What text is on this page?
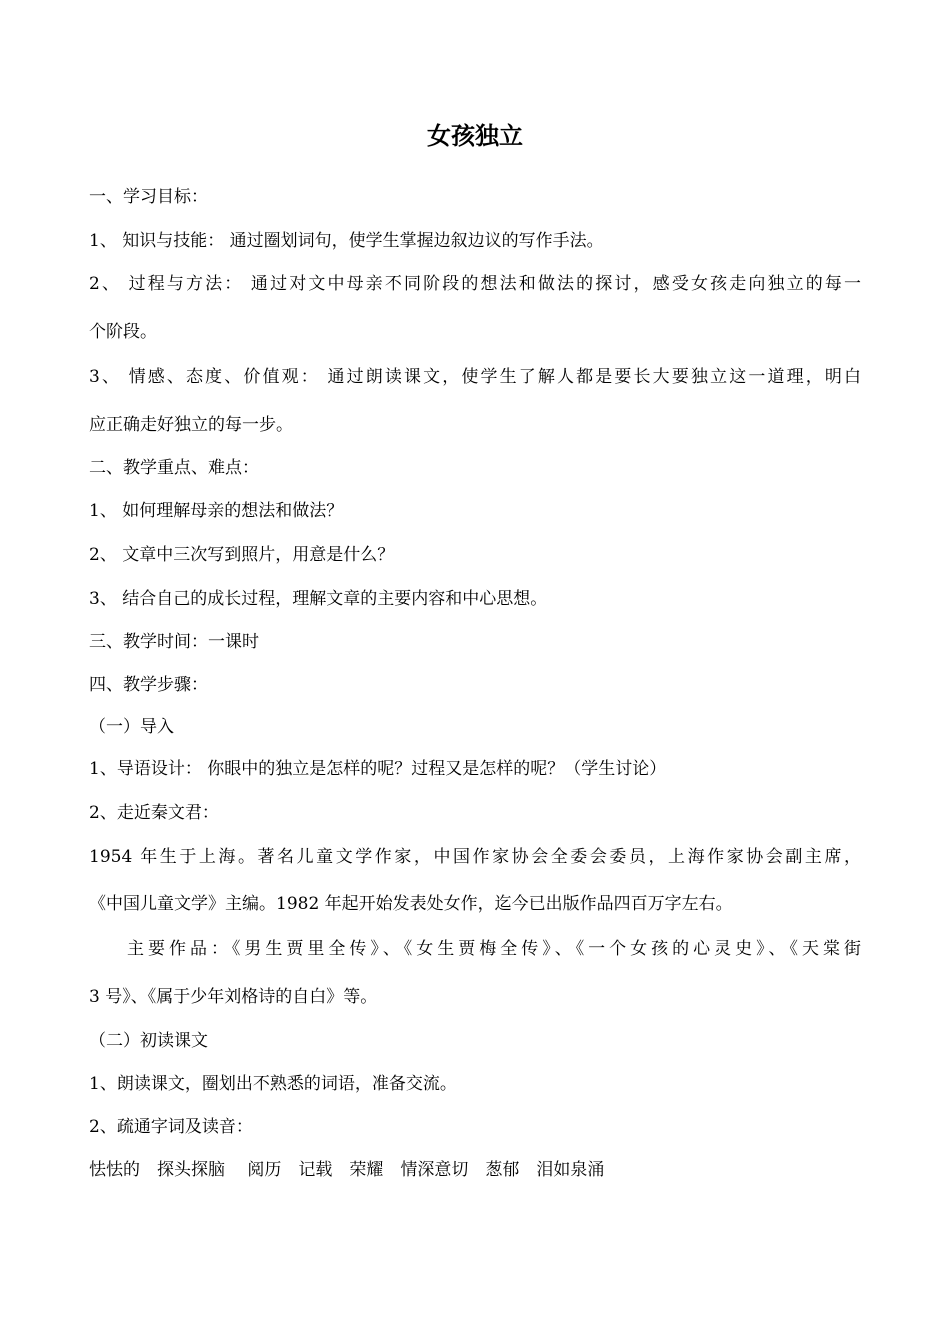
女孩独立
一、学习目标：
1、 知识与技能： 通过圈划词句，使学生掌握边叙边议的写作手法。
2、 过程与方法： 通过对文中母亲不同阶段的想法和做法的探讨，感受女孩走向独立的每一
个阶段。
3、 情感、态度、价值观： 通过朗读课文，使学生了解人都是要长大要独立这一道理，明白
应正确走好独立的每一步。
二、教学重点、难点：
1、 如何理解母亲的想法和做法？
2、 文章中三次写到照片，用意是什么？
3、 结合自己的成长过程，理解文章的主要内容和中心思想。
三、教学时间：一课时
四、教学步骤：
（一）导入
1、导语设计： 你眼中的独立是怎样的呢？过程又是怎样的呢？（学生讨论）
2、走近秦文君：
1954 年生于上海。著名儿童文学作家，中国作家协会全委会委员，上海作家协会副主席，
《中国儿童文学》主编。1982 年起开始发表处女作，迄今已出版作品四百万字左右。
主要作品：《男生贾里全传》、《女生贾梅全传》、《一个女孩的心灵史》、《天棠街
3 号》、《属于少年刘格诗的自白》等。
（二）初读课文
1、朗读课文，圈划出不熟悉的词语，准备交流。
2、疏通字词及读音：
怯怯的　探头探脑　 阅历　记载　荣耀　情深意切　葱郁　泪如泉涌
